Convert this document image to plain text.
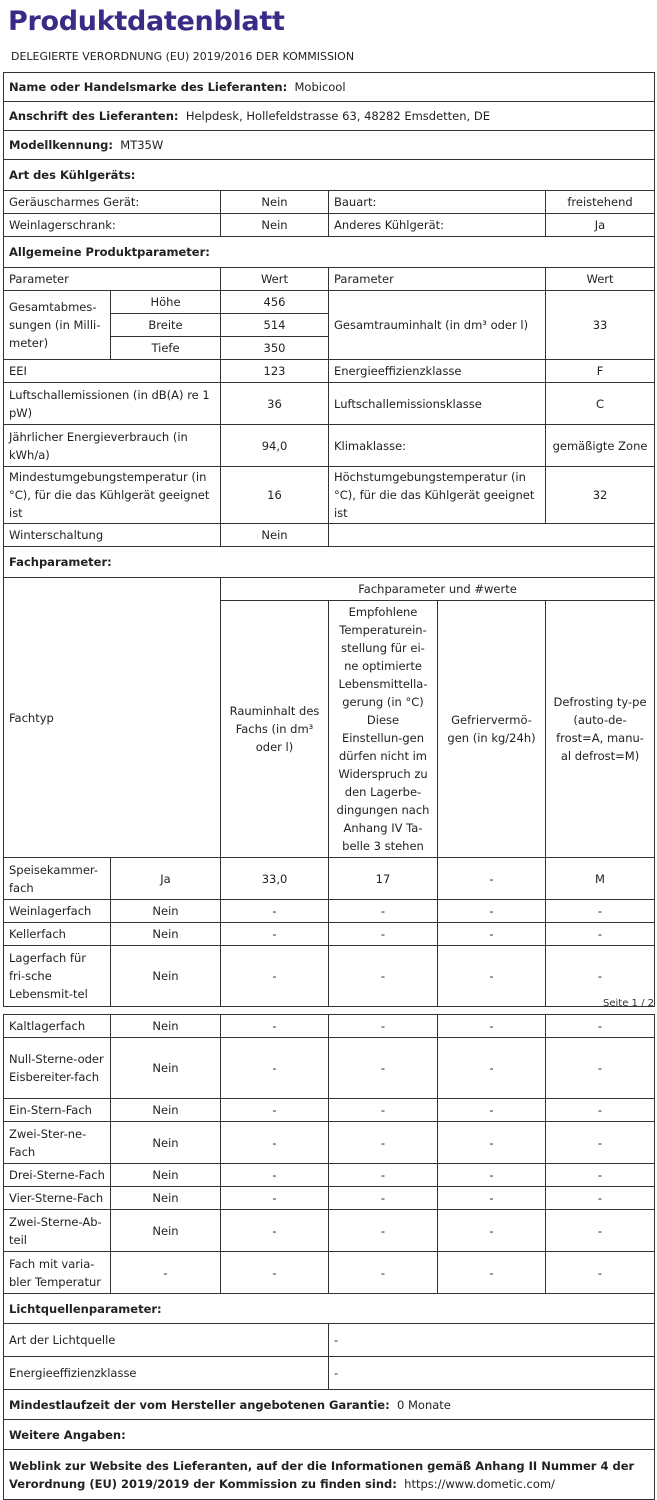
Produktdatenblatt
DELEGIERTE VERORDNUNG (EU) 2019/2016 DER KOMMISSION
Name oder Handelsmarke des Lieferanten: Mobicool					
Anschrift des Lieferanten: Helpdesk, Hollefeldstrasse 63, 48282 Emsdetten, DE					
Modellkennung: MT35W					
Art des Kühlgeräts:					
Geräuscharmes Gerät:		Nein	Bauart:		freistehend
Weinlagerschrank:		Nein	Anderes Kühlgerät:		Ja
Allgemeine Produktparameter:					
Parameter		Wert	Parameter		Wert
Gesamtabmes-sungen (in Milli-meter)	Höhe	456	Gesamtrauminhalt (in dm³ oder l)		33
	Breite	514			
	Tiefe	350			
EEI		123	Energieeffizienzklasse		F
Luftschallemissionen (in dB(A) re 1 pW)		36	Luftschallemissionsklasse		C
Jährlicher Energieverbrauch (in kWh/a)		94,0	Klimaklasse:		gemäßigte Zone
Mindestumgebungstemperatur (in °C), für die das Kühlgerät geeignet ist		16	Höchstumgebungstemperatur (in °C), für die das Kühlgerät geeignet ist		32
Winterschaltung		Nein			
Fachparameter:					
Fachtyp		Fachparameter und #werte			
		Rauminhalt des Fachs (in dm³ oder l)	Empfohlene Temperaturein-stellung für ei-ne optimierte Lebensmittella-gerung (in °C) Diese Einstellun-gen dürfen nicht im Widerspruch zu den Lagerbe-dingungen nach Anhang IV Ta-belle 3 stehen	Gefriervermö-gen (in kg/24h)	Defrosting ty-pe (auto-de-frost=A, manu-al defrost=M)
Speisekammer-fach	Ja	33,0	17	-	M
Weinlagerfach	Nein	-	-	-	-
Kellerfach	Nein	-	-	-	-
Lagerfach für fri-sche Lebensmit-tel	Nein	-	-	-	-
Seite 1 / 2
Kaltlagerfach	Nein	-	-	-	-
Null-Sterne-oder Eisbereiter-fach	Nein	-	-	-	-
Ein-Stern-Fach	Nein	-	-	-	-
Zwei-Ster-ne-Fach	Nein	-	-	-	-
Drei-Sterne-Fach	Nein	-	-	-	-
Vier-Sterne-Fach	Nein	-	-	-	-
Zwei-Sterne-Ab-teil	Nein	-	-	-	-
Fach mit varia-bler Temperatur	-	-	-	-	-
Lichtquellenparameter:					
Art der Lichtquelle			-		
Energieeffizienzklasse			-		
Mindestlaufzeit der vom Hersteller angebotenen Garantie: 0 Monate					
Weitere Angaben:					
Weblink zur Website des Lieferanten, auf der die Informationen gemäß Anhang II Nummer 4 der Verordnung (EU) 2019/2019 der Kommission zu finden sind: https://www.dometic.com/					
